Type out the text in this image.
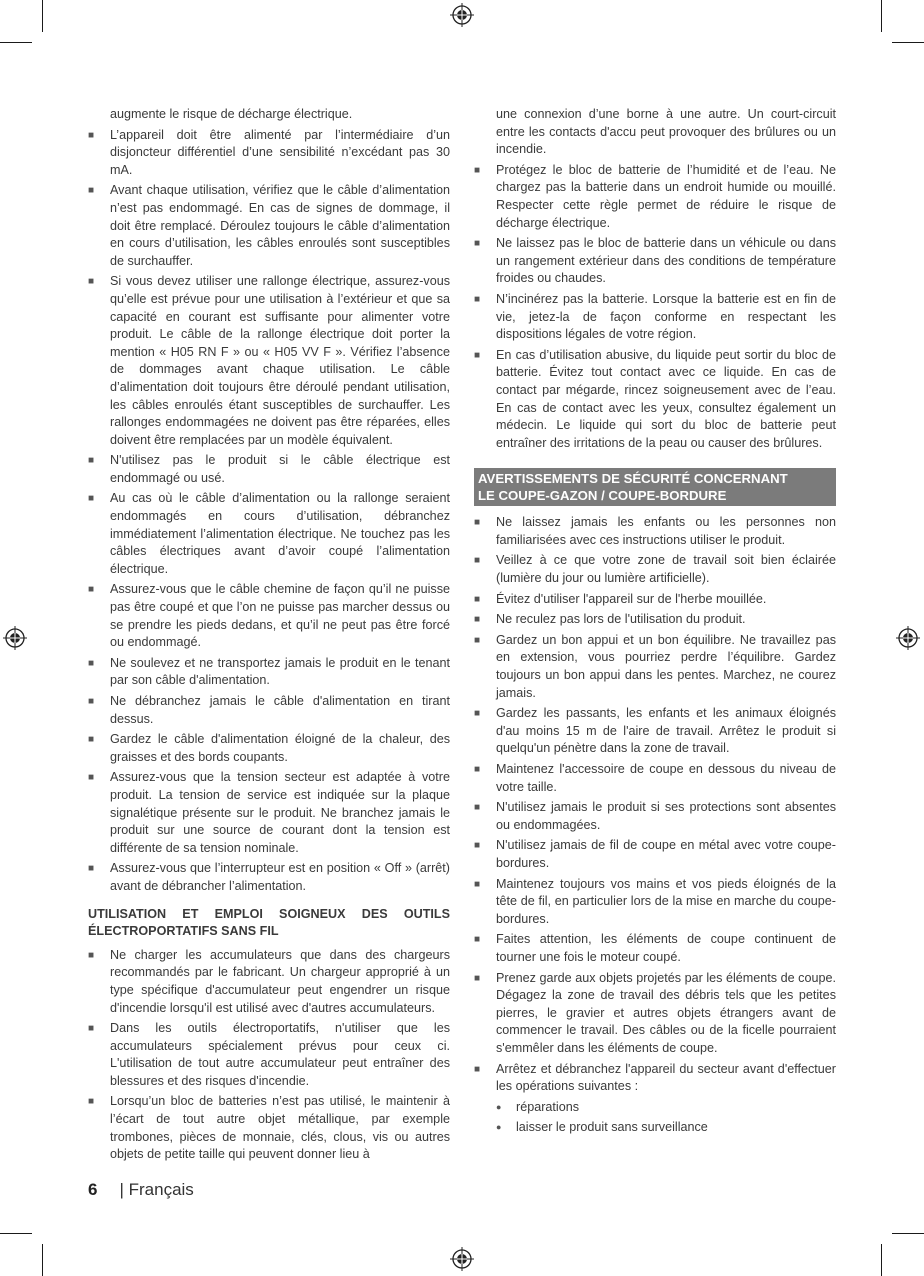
augmente le risque de décharge électrique.
■ L’appareil doit être alimenté par l’intermédiaire d’un disjoncteur différentiel d’une sensibilité n’excédant pas 30 mA.
■ Avant chaque utilisation, vérifiez que le câble d’alimentation n’est pas endommagé. En cas de signes de dommage, il doit être remplacé. Déroulez toujours le câble d’alimentation en cours d’utilisation, les câbles enroulés sont susceptibles de surchauffer.
■ Si vous devez utiliser une rallonge électrique, assurez-vous qu’elle est prévue pour une utilisation à l’extérieur et que sa capacité en courant est suffisante pour alimenter votre produit. Le câble de la rallonge électrique doit porter la mention « H05 RN F » ou « H05 VV F ». Vérifiez l’absence de dommages avant chaque utilisation. Le câble d’alimentation doit toujours être déroulé pendant utilisation, les câbles enroulés étant susceptibles de surchauffer. Les rallonges endommagées ne doivent pas être réparées, elles doivent être remplacées par un modèle équivalent.
■ N'utilisez pas le produit si le câble électrique est endommagé ou usé.
■ Au cas où le câble d’alimentation ou la rallonge seraient endommagés en cours d’utilisation, débranchez immédiatement l’alimentation électrique. Ne touchez pas les câbles électriques avant d’avoir coupé l’alimentation électrique.
■ Assurez-vous que le câble chemine de façon qu’il ne puisse pas être coupé et que l’on ne puisse pas marcher dessus ou se prendre les pieds dedans, et qu’il ne peut pas être forcé ou endommagé.
■ Ne soulevez et ne transportez jamais le produit en le tenant par son câble d'alimentation.
■ Ne débranchez jamais le câble d'alimentation en tirant dessus.
■ Gardez le câble d'alimentation éloigné de la chaleur, des graisses et des bords coupants.
■ Assurez-vous que la tension secteur est adaptée à votre produit. La tension de service est indiquée sur la plaque signalétique présente sur le produit. Ne branchez jamais le produit sur une source de courant dont la tension est différente de sa tension nominale.
■ Assurez-vous que l’interrupteur est en position « Off » (arrêt) avant de débrancher l’alimentation.
UTILISATION ET EMPLOI SOIGNEUX DES OUTILS ÉLECTROPORTATIFS SANS FIL
■ Ne charger les accumulateurs que dans des chargeurs recommandés par le fabricant. Un chargeur approprié à un type spécifique d'accumulateur peut engendrer un risque d'incendie lorsqu'il est utilisé avec d'autres accumulateurs.
■ Dans les outils électroportatifs, n'utiliser que les accumulateurs spécialement prévus pour ceux ci. L'utilisation de tout autre accumulateur peut entraîner des blessures et des risques d'incendie.
■ Lorsqu’un bloc de batteries n’est pas utilisé, le maintenir à l’écart de tout autre objet métallique, par exemple trombones, pièces de monnaie, clés, clous, vis ou autres objets de petite taille qui peuvent donner lieu à
une connexion d’une borne à une autre. Un court-circuit entre les contacts d'accu peut provoquer des brûlures ou un incendie.
■ Protégez le bloc de batterie de l’humidité et de l’eau. Ne chargez pas la batterie dans un endroit humide ou mouillé. Respecter cette règle permet de réduire le risque de décharge électrique.
■ Ne laissez pas le bloc de batterie dans un véhicule ou dans un rangement extérieur dans des conditions de température froides ou chaudes.
■ N’incinérez pas la batterie. Lorsque la batterie est en fin de vie, jetez-la de façon conforme en respectant les dispositions légales de votre région.
■ En cas d’utilisation abusive, du liquide peut sortir du bloc de batterie. Évitez tout contact avec ce liquide. En cas de contact par mégarde, rincez soigneusement avec de l’eau. En cas de contact avec les yeux, consultez également un médecin. Le liquide qui sort du bloc de batterie peut entraîner des irritations de la peau ou causer des brûlures.
AVERTISSEMENTS DE SÉCURITÉ CONCERNANT
LE COUPE-GAZON / COUPE-BORDURE
■ Ne laissez jamais les enfants ou les personnes non familiarisées avec ces instructions utiliser le produit.
■ Veillez à ce que votre zone de travail soit bien éclairée (lumière du jour ou lumière artificielle).
■ Évitez d'utiliser l'appareil sur de l'herbe mouillée.
■ Ne reculez pas lors de l'utilisation du produit.
■ Gardez un bon appui et un bon équilibre. Ne travaillez pas en extension, vous pourriez perdre l’équilibre. Gardez toujours un bon appui dans les pentes. Marchez, ne courez jamais.
■ Gardez les passants, les enfants et les animaux éloignés d'au moins 15 m de l'aire de travail. Arrêtez le produit si quelqu'un pénètre dans la zone de travail.
■ Maintenez l'accessoire de coupe en dessous du niveau de votre taille.
■ N'utilisez jamais le produit si ses protections sont absentes ou endommagées.
■ N'utilisez jamais de fil de coupe en métal avec votre coupe-bordures.
■ Maintenez toujours vos mains et vos pieds éloignés de la tête de fil, en particulier lors de la mise en marche du coupe-bordures.
■ Faites attention, les éléments de coupe continuent de tourner une fois le moteur coupé.
■ Prenez garde aux objets projetés par les éléments de coupe. Dégagez la zone de travail des débris tels que les petites pierres, le gravier et autres objets étrangers avant de commencer le travail. Des câbles ou de la ficelle pourraient s'emmêler dans les éléments de coupe.
■ Arrêtez et débranchez l'appareil du secteur avant d'effectuer les opérations suivantes :
● réparations
● laisser le produit sans surveillance
6 | Français
